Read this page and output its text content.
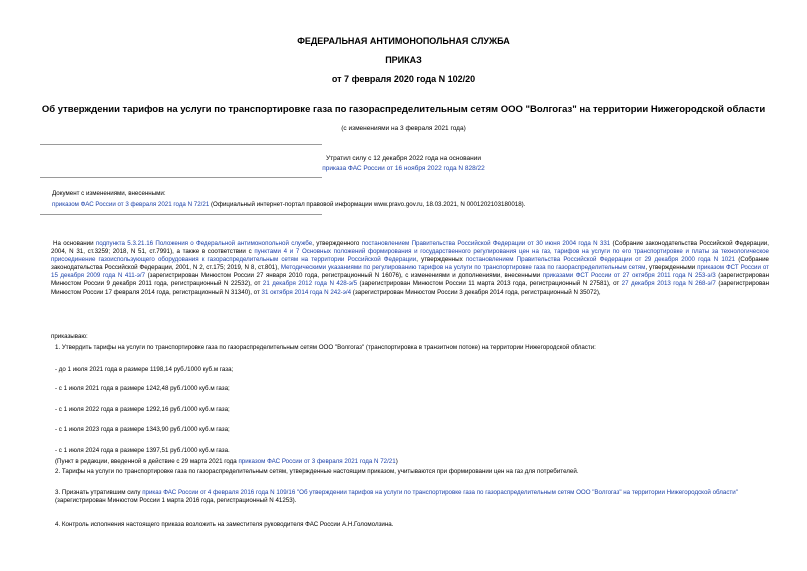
ФЕДЕРАЛЬНАЯ АНТИМОНОПОЛЬНАЯ СЛУЖБА
ПРИКАЗ
от 7 февраля 2020 года N 102/20
Об утверждении тарифов на услуги по транспортировке газа по газораспределительным сетям ООО "Волгогаз" на территории Нижегородской области
(с изменениями на 3 февраля 2021 года)
Утратил силу с 12 декабря 2022 года на основании
приказа ФАС России от 16 ноября 2022 года N 828/22
Документ с изменениями, внесенными:
приказом ФАС России от 3 февраля 2021 года N 72/21 (Официальный интернет-портал правовой информации www.pravo.gov.ru, 18.03.2021, N 0001202103180018).
На основании подпункта 5.3.21.16 Положения о Федеральной антимонопольной службе, утвержденного постановлением Правительства Российской Федерации от 30 июня 2004 года N 331 (Собрание законодательства Российской Федерации, 2004, N 31, ст.3259; 2018, N 51, ст.7991), а также в соответствии с пунктами 4 и 7 Основных положений формирования и государственного регулирования цен на газ, тарифов на услуги по его транспортировке и платы за технологическое присоединение газоиспользующего оборудования к газораспределительным сетям на территории Российской Федерации, утвержденных постановлением Правительства Российской Федерации от 29 декабря 2000 года N 1021 (Собрание законодательства Российской Федерации, 2001, N 2, ст.175; 2019, N 8, ст.801), Методическими указаниями по регулированию тарифов на услуги по транспортировке газа по газораспределительным сетям, утвержденными приказом ФСТ России от 15 декабря 2009 года N 411-э/7 (зарегистрирован Минюстом России 27 января 2010 года, регистрационный N 16076), с изменениями и дополнениями, внесенными приказами ФСТ России от 27 октября 2011 года N 253-э/3 (зарегистрирован Минюстом России 9 декабря 2011 года, регистрационный N 22532), от 21 декабря 2012 года N 428-э/5 (зарегистрирован Минюстом России 11 марта 2013 года, регистрационный N 27581), от 27 декабря 2013 года N 268-э/7 (зарегистрирован Минюстом России 17 февраля 2014 года, регистрационный N 31340), от 31 октября 2014 года N 242-э/4 (зарегистрирован Минюстом России 3 декабря 2014 года, регистрационный N 35072),
приказываю:
1. Утвердить тарифы на услуги по транспортировке газа по газораспределительным сетям ООО "Волгогаз" (транспортировка в транзитном потоке) на территории Нижегородской области:
- до 1 июля 2021 года в размере 1198,14 руб./1000 куб.м газа;
- с 1 июля 2021 года в размере 1242,48 руб./1000 куб.м газа;
- с 1 июля 2022 года в размере 1292,16 руб./1000 куб.м газа;
- с 1 июля 2023 года в размере 1343,90 руб./1000 куб.м газа;
- с 1 июля 2024 года в размере 1397,51 руб./1000 куб.м газа.
(Пункт в редакции, введенной в действие с 29 марта 2021 года приказом ФАС России от 3 февраля 2021 года N 72/21)
2. Тарифы на услуги по транспортировке газа по газораспределительным сетям, утвержденные настоящим приказом, учитываются при формировании цен на газ для потребителей.
3. Признать утратившим силу приказ ФАС России от 4 февраля 2016 года N 109/16 "Об утверждении тарифов на услуги по транспортировке газа по газораспределительным сетям ООО "Волгогаз" на территории Нижегородской области" (зарегистрирован Минюстом России 1 марта 2016 года, регистрационный N 41253).
4. Контроль исполнения настоящего приказа возложить на заместителя руководителя ФАС России А.Н.Голомолзина.
